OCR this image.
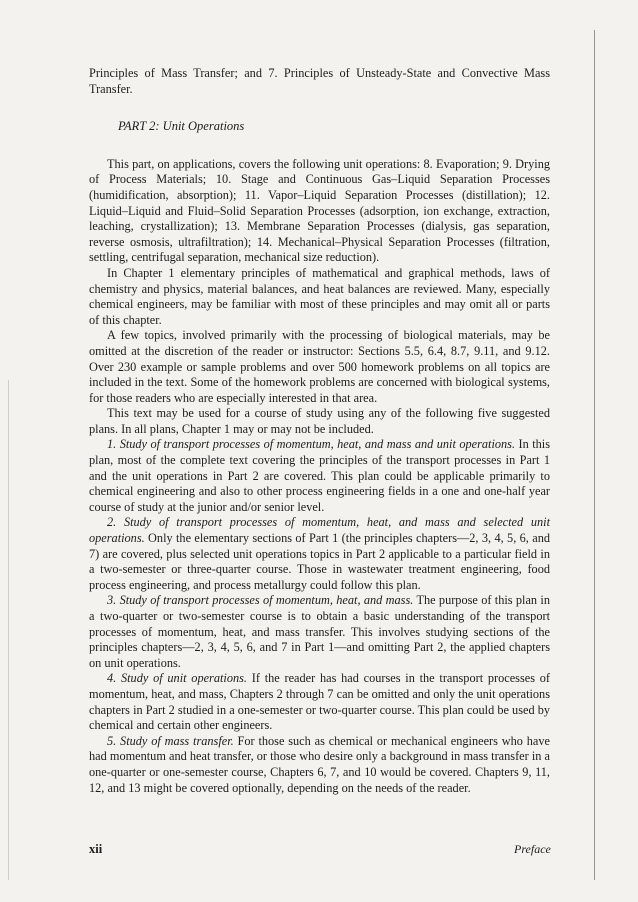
Principles of Mass Transfer; and 7. Principles of Unsteady-State and Convective Mass Transfer.

PART 2: Unit Operations

This part, on applications, covers the following unit operations: 8. Evaporation; 9. Drying of Process Materials; 10. Stage and Continuous Gas–Liquid Separation Processes (humidification, absorption); 11. Vapor–Liquid Separation Processes (distillation); 12. Liquid–Liquid and Fluid–Solid Separation Processes (adsorption, ion exchange, extraction, leaching, crystallization); 13. Membrane Separation Processes (dialysis, gas separation, reverse osmosis, ultrafiltration); 14. Mechanical–Physical Separation Processes (filtration, settling, centrifugal separation, mechanical size reduction).

In Chapter 1 elementary principles of mathematical and graphical methods, laws of chemistry and physics, material balances, and heat balances are reviewed. Many, especially chemical engineers, may be familiar with most of these principles and may omit all or parts of this chapter.

A few topics, involved primarily with the processing of biological materials, may be omitted at the discretion of the reader or instructor: Sections 5.5, 6.4, 8.7, 9.11, and 9.12. Over 230 example or sample problems and over 500 homework problems on all topics are included in the text. Some of the homework problems are concerned with biological systems, for those readers who are especially interested in that area.

This text may be used for a course of study using any of the following five suggested plans. In all plans, Chapter 1 may or may not be included.

1. Study of transport processes of momentum, heat, and mass and unit operations. In this plan, most of the complete text covering the principles of the transport processes in Part 1 and the unit operations in Part 2 are covered. This plan could be applicable primarily to chemical engineering and also to other process engineering fields in a one and one-half year course of study at the junior and/or senior level.

2. Study of transport processes of momentum, heat, and mass and selected unit operations. Only the elementary sections of Part 1 (the principles chapters—2, 3, 4, 5, 6, and 7) are covered, plus selected unit operations topics in Part 2 applicable to a particular field in a two-semester or three-quarter course. Those in wastewater treatment engineering, food process engineering, and process metallurgy could follow this plan.

3. Study of transport processes of momentum, heat, and mass. The purpose of this plan in a two-quarter or two-semester course is to obtain a basic understanding of the transport processes of momentum, heat, and mass transfer. This involves studying sections of the principles chapters—2, 3, 4, 5, 6, and 7 in Part 1—and omitting Part 2, the applied chapters on unit operations.

4. Study of unit operations. If the reader has had courses in the transport processes of momentum, heat, and mass, Chapters 2 through 7 can be omitted and only the unit operations chapters in Part 2 studied in a one-semester or two-quarter course. This plan could be used by chemical and certain other engineers.

5. Study of mass transfer. For those such as chemical or mechanical engineers who have had momentum and heat transfer, or those who desire only a background in mass transfer in a one-quarter or one-semester course, Chapters 6, 7, and 10 would be covered. Chapters 9, 11, 12, and 13 might be covered optionally, depending on the needs of the reader.

xii	Preface
